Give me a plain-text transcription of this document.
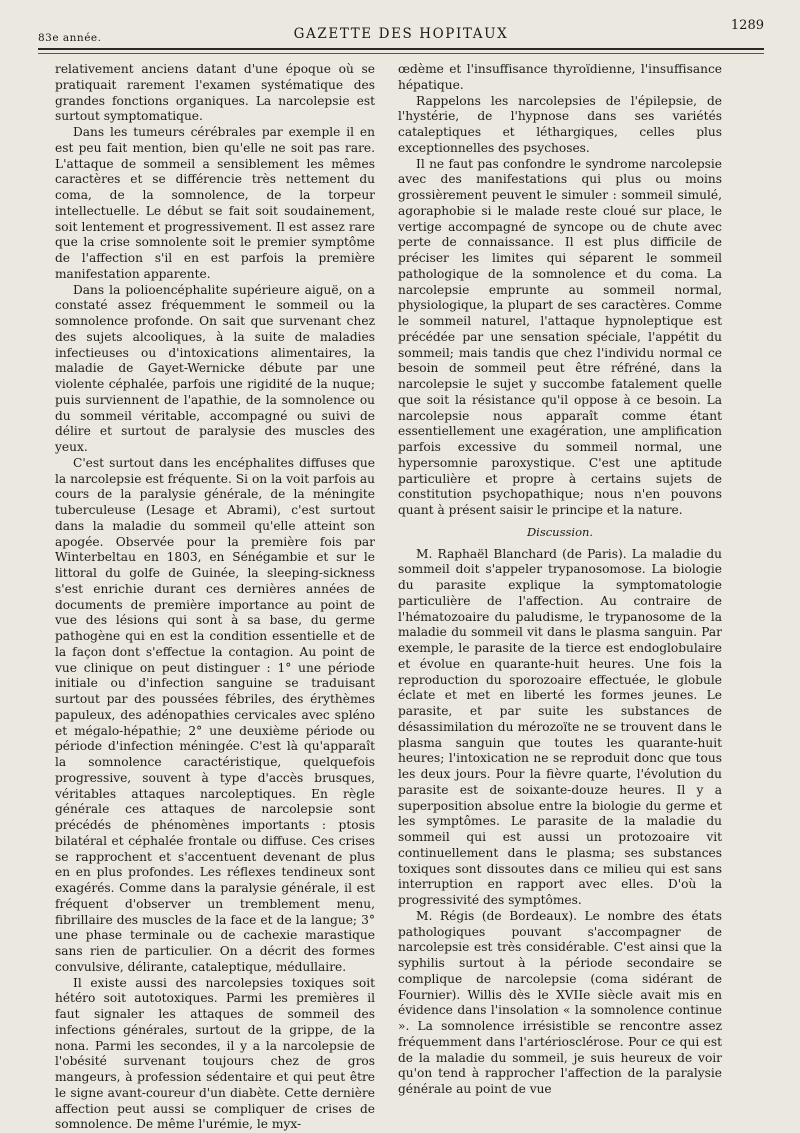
83e année.	GAZETTE DES HOPITAUX
1289

relativement anciens datant d'une époque où se pratiquait rarement l'examen systématique des grandes fonctions organiques. La narcolepsie est surtout symptomatique.

Dans les tumeurs cérébrales par exemple il en est peu fait mention, bien qu'elle ne soit pas rare. L'attaque de sommeil a sensiblement les mêmes caractères et se différencie très nettement du coma, de la somnolence, de la torpeur intellectuelle. Le début se fait soit soudainement, soit lentement et progressivement. Il est assez rare que la crise somnolente soit le premier symptôme de l'affection s'il en est parfois la première manifestation apparente.

Dans la polioencéphalite supérieure aiguë, on a constaté assez fréquemment le sommeil ou la somnolence profonde. On sait que survenant chez des sujets alcooliques, à la suite de maladies infectieuses ou d'intoxications alimentaires, la maladie de Gayet-Wernicke débute par une violente céphalée, parfois une rigidité de la nuque; puis surviennent de l'apathie, de la somnolence ou du sommeil véritable, accompagné ou suivi de délire et surtout de paralysie des muscles des yeux.

C'est surtout dans les encéphalites diffuses que la narcolepsie est fréquente. Si on la voit parfois au cours de la paralysie générale, de la méningite tuberculeuse (Lesage et Abrami), c'est surtout dans la maladie du sommeil qu'elle atteint son apogée. Observée pour la première fois par Winterbeltau en 1803, en Sénégambie et sur le littoral du golfe de Guinée, la sleeping-sickness s'est enrichie durant ces dernières années de documents de première importance au point de vue des lésions qui sont à sa base, du germe pathogène qui en est la condition essentielle et de la façon dont s'effectue la contagion. Au point de vue clinique on peut distinguer : 1° une période initiale ou d'infection sanguine se traduisant surtout par des poussées fébriles, des érythèmes papuleux, des adénopathies cervicales avec spléno et mégalo-hépathie; 2° une deuxième période ou période d'infection méningée. C'est là qu'apparaît la somnolence caractéristique, quelquefois progressive, souvent à type d'accès brusques, véritables attaques narcoleptiques. En règle générale ces attaques de narcolepsie sont précédés de phénomènes importants : ptosis bilatéral et céphalée frontale ou diffuse. Ces crises se rapprochent et s'accentuent devenant de plus en en plus profondes. Les réflexes tendineux sont exagérés. Comme dans la paralysie générale, il est fréquent d'observer un tremblement menu, fibrillaire des muscles de la face et de la langue; 3° une phase terminale ou de cachexie marastique sans rien de particulier. On a décrit des formes convulsive, délirante, cataleptique, médullaire.

Il existe aussi des narcolepsies toxiques soit hétéro soit autotoxiques. Parmi les premières il faut signaler les attaques de sommeil des infections générales, surtout de la grippe, de la nona. Parmi les secondes, il y a la narcolepsie de l'obésité survenant toujours chez de gros mangeurs, à profession sédentaire et qui peut être le signe avant-coureur d'un diabète. Cette dernière affection peut aussi se compliquer de crises de somnolence. De même l'urémie, le myx-

œdème et l'insuffisance thyroïdienne, l'insuffisance hépatique.

Rappelons les narcolepsies de l'épilepsie, de l'hystérie, de l'hypnose dans ses variétés cataleptiques et léthargiques, celles plus exceptionnelles des psychoses.

Il ne faut pas confondre le syndrome narcolepsie avec des manifestations qui plus ou moins grossièrement peuvent le simuler : sommeil simulé, agoraphobie si le malade reste cloué sur place, le vertige accompagné de syncope ou de chute avec perte de connaissance. Il est plus difficile de préciser les limites qui séparent le sommeil pathologique de la somnolence et du coma. La narcolepsie emprunte au sommeil normal, physiologique, la plupart de ses caractères. Comme le sommeil naturel, l'attaque hypnoleptique est précédée par une sensation spéciale, l'appétit du sommeil; mais tandis que chez l'individu normal ce besoin de sommeil peut être réfréné, dans la narcolepsie le sujet y succombe fatalement quelle que soit la résistance qu'il oppose à ce besoin. La narcolepsie nous apparaît comme étant essentiellement une exagération, une amplification parfois excessive du sommeil normal, une hypersomnie paroxystique. C'est une aptitude particulière et propre à certains sujets de constitution psychopathique; nous n'en pouvons quant à présent saisir le principe et la nature.

Discussion.

M. Raphaël Blanchard (de Paris). La maladie du sommeil doit s'appeler trypanosomose. La biologie du parasite explique la symptomatologie particulière de l'affection. Au contraire de l'hématozoaire du paludisme, le trypanosome de la maladie du sommeil vit dans le plasma sanguin. Par exemple, le parasite de la tierce est endoglobulaire et évolue en quarante-huit heures. Une fois la reproduction du sporozoaire effectuée, le globule éclate et met en liberté les formes jeunes. Le parasite, et par suite les substances de désassimilation du mérozoïte ne se trouvent dans le plasma sanguin que toutes les quarante-huit heures; l'intoxication ne se reproduit donc que tous les deux jours. Pour la fièvre quarte, l'évolution du parasite est de soixante-douze heures. Il y a superposition absolue entre la biologie du germe et les symptômes. Le parasite de la maladie du sommeil qui est aussi un protozoaire vit continuellement dans le plasma; ses substances toxiques sont dissoutes dans ce milieu qui est sans interruption en rapport avec elles. D'où la progressivité des symptômes.

M. Régis (de Bordeaux). Le nombre des états pathologiques pouvant s'accompagner de narcolepsie est très considérable. C'est ainsi que la syphilis surtout à la période secondaire se complique de narcolepsie (coma sidérant de Fournier). Willis dès le XVIIe siècle avait mis en évidence dans l'insolation « la somnolence continue ». La somnolence irrésistible se rencontre assez fréquemment dans l'artériosclérose. Pour ce qui est de la maladie du sommeil, je suis heureux de voir qu'on tend à rapprocher l'affection de la paralysie générale au point de vue
